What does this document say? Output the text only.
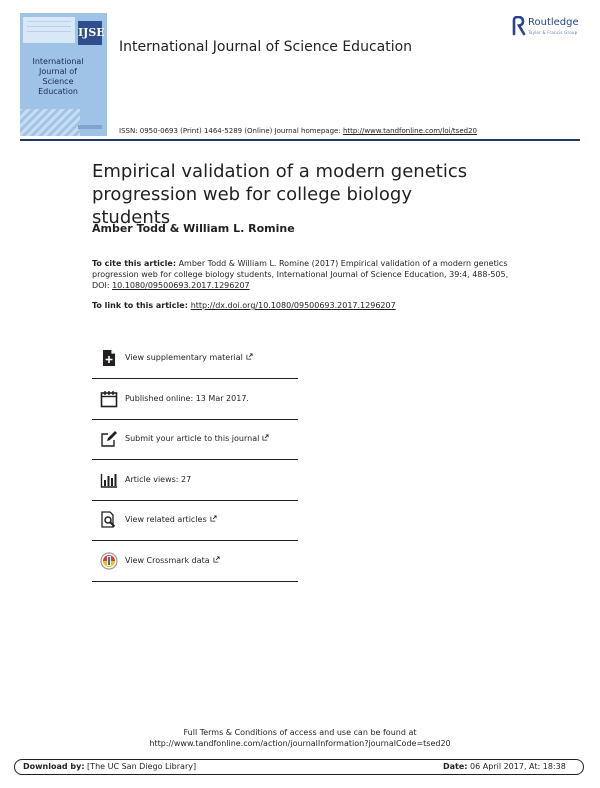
IJSE
International Journal of Science Education
Routledge
Taylor & Francis Group
International Journal of Science Education
ISSN: 0950-0693 (Print) 1464-5289 (Online) Journal homepage: http://www.tandfonline.com/loi/tsed20
Empirical validation of a modern genetics progression web for college biology students
Amber Todd & William L. Romine
To cite this article: Amber Todd & William L. Romine (2017) Empirical validation of a modern genetics progression web for college biology students, International Journal of Science Education, 39:4, 488-505, DOI: 10.1080/09500693.2017.1296207
To link to this article: http://dx.doi.org/10.1080/09500693.2017.1296207
View supplementary material
Published online: 13 Mar 2017.
Submit your article to this journal
Article views: 27
View related articles
View Crossmark data
Full Terms & Conditions of access and use can be found at
http://www.tandfonline.com/action/journalInformation?journalCode=tsed20
Download by: [The UC San Diego Library]	Date: 06 April 2017, At: 18:38
